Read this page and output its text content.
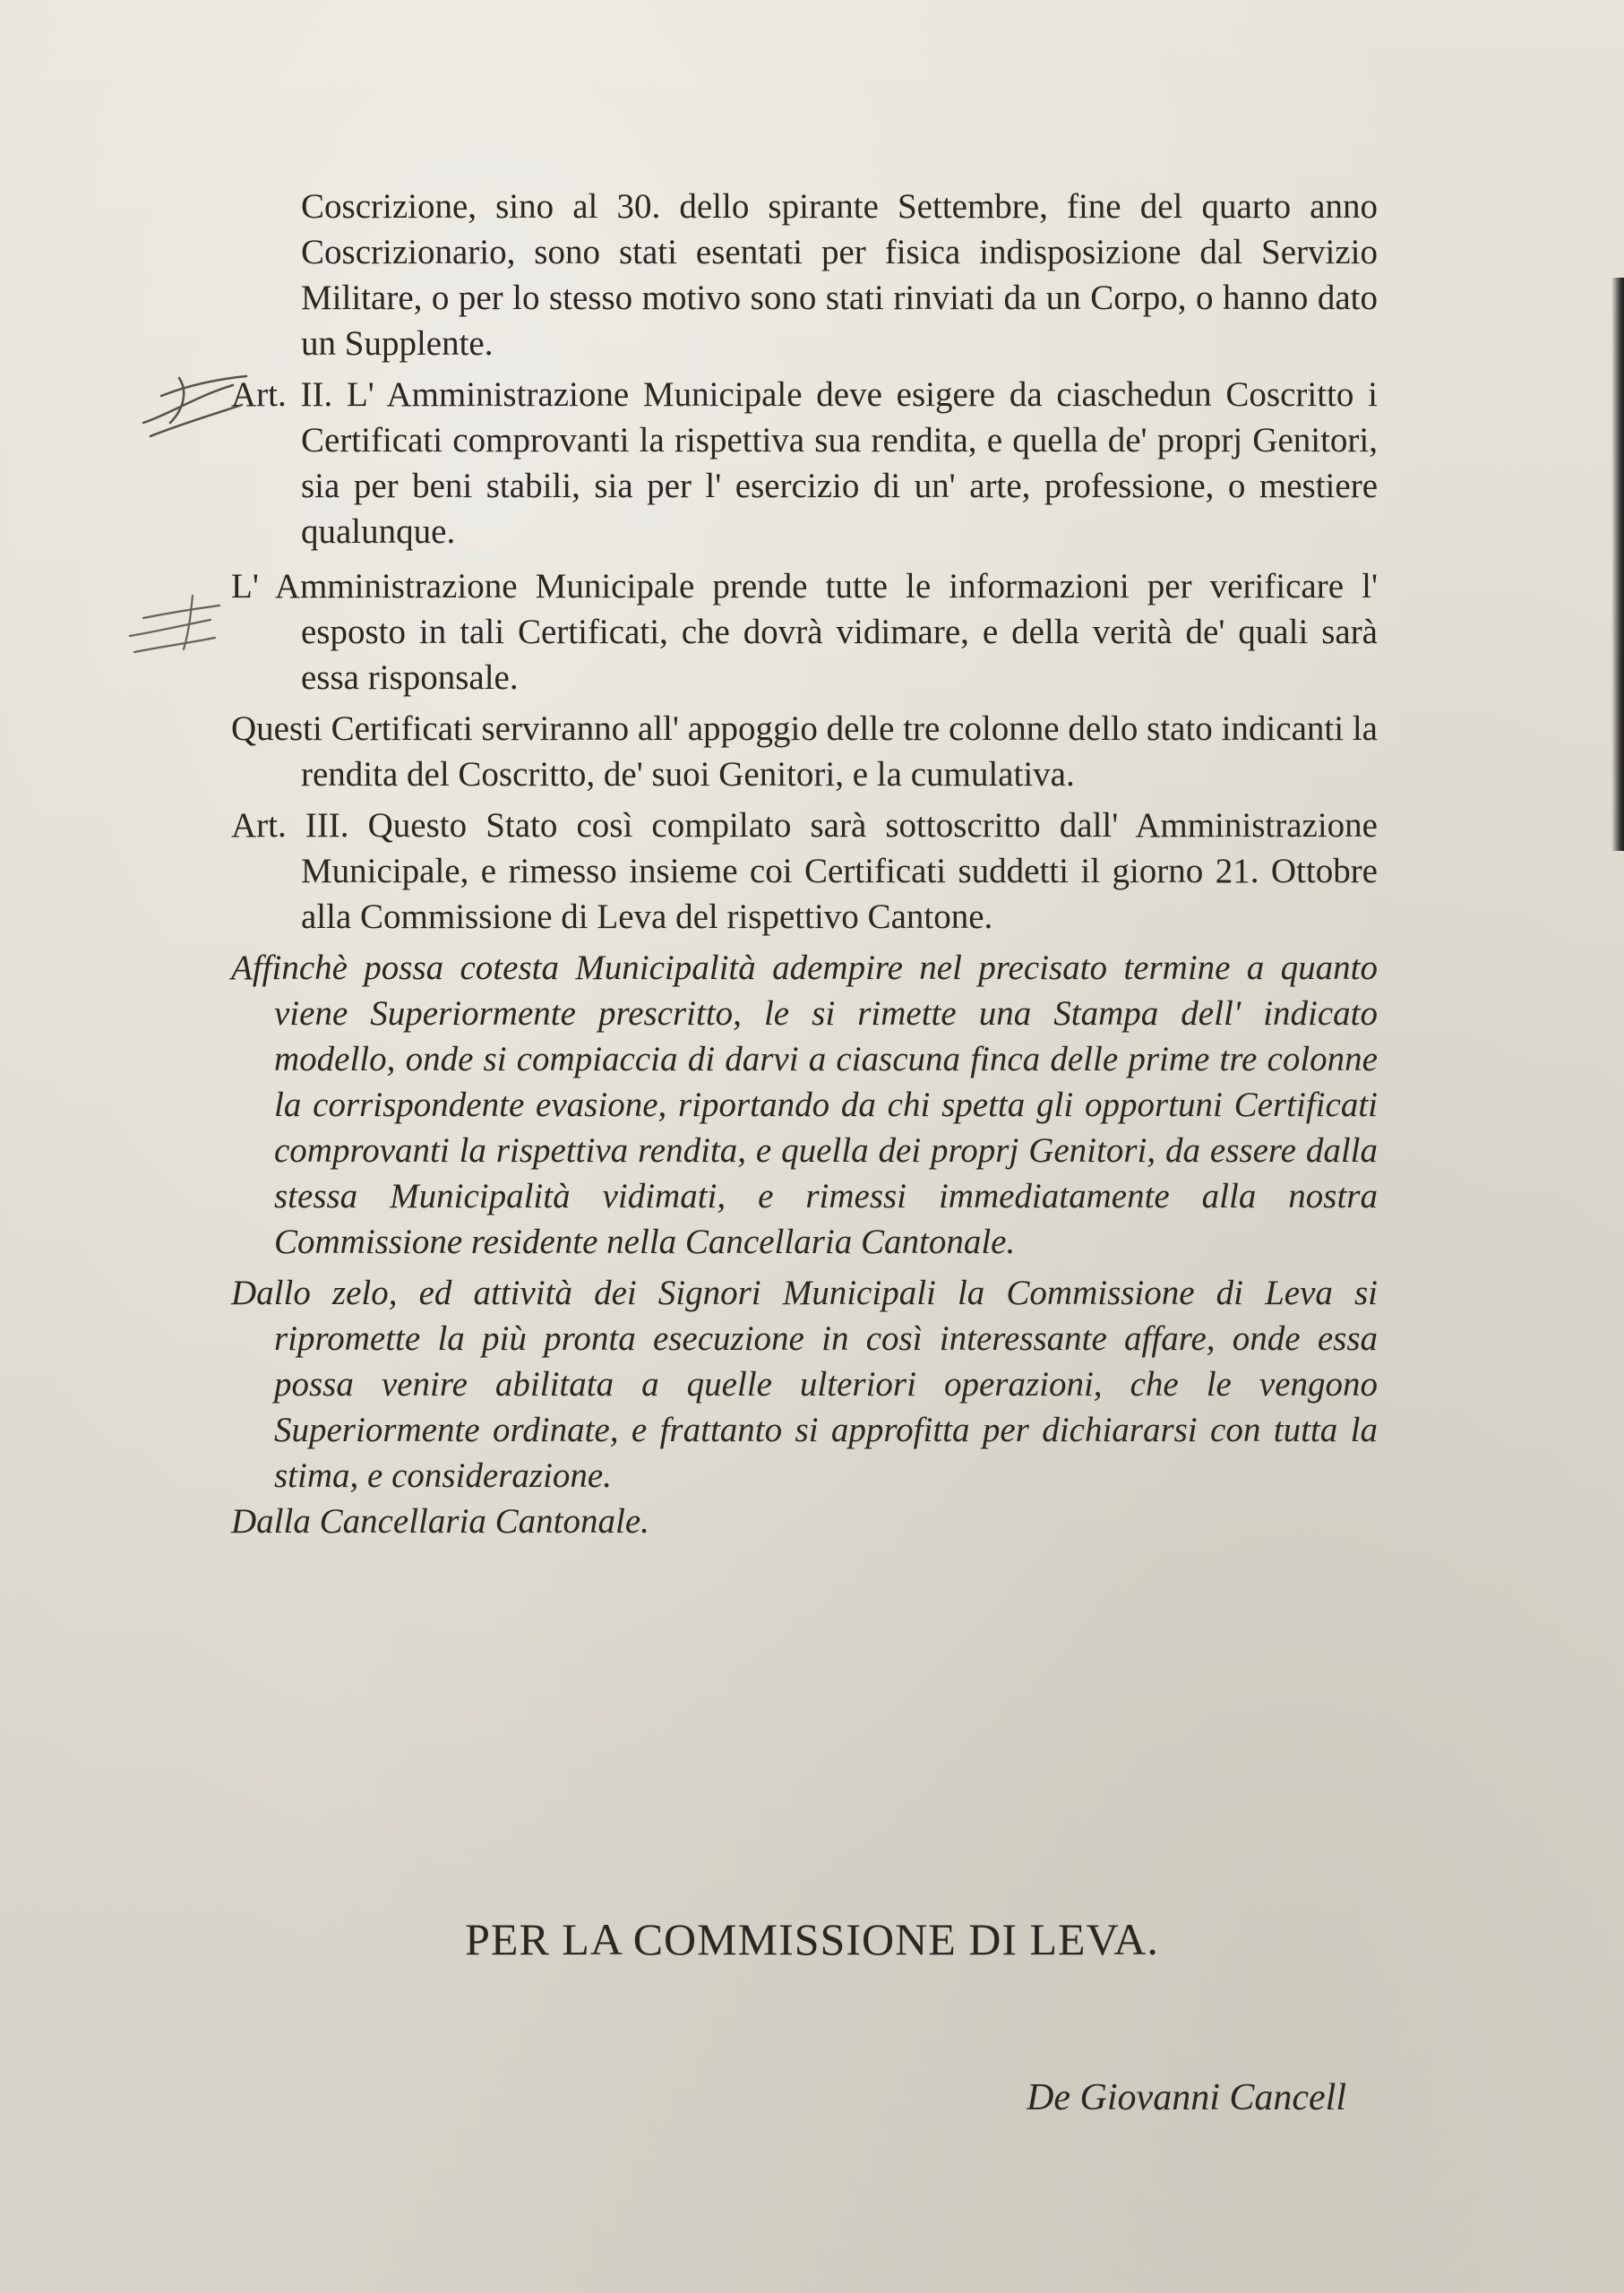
Coscrizione, sino al 30. dello spirante Settembre, fine del quarto anno Coscrizionario, sono stati esentati per fisica indisposizione dal Servizio Militare, o per lo stesso motivo sono stati rinviati da un Corpo, o hanno dato un Supplente.

Art. II. L' Amministrazione Municipale deve esigere da ciaschedun Coscritto i Certificati comprovanti la rispettiva sua rendita, e quella de' proprj Genitori, sia per beni stabili, sia per l' esercizio di un' arte, professione, o mestiere qualunque.

L' Amministrazione Municipale prende tutte le informazioni per verificare l' esposto in tali Certificati, che dovrà vidimare, e della verità de' quali sarà essa risponsale.

Questi Certificati serviranno all' appoggio delle tre colonne dello stato indicanti la rendita del Coscritto, de' suoi Genitori, e la cumulativa.

Art. III. Questo Stato così compilato sarà sottoscritto dall' Amministrazione Municipale, e rimesso insieme coi Certificati suddetti il giorno 21. Ottobre alla Commissione di Leva del rispettivo Cantone.

Affinchè possa cotesta Municipalità adempire nel precisato termine a quanto viene Superiormente prescritto, le si rimette una Stampa dell' indicato modello, onde si compiaccia di darvi a ciascuna finca delle prime tre colonne la corrispondente evasione, riportando da chi spetta gli opportuni Certificati comprovanti la rispettiva rendita, e quella dei proprj Genitori, da essere dalla stessa Municipalità vidimati, e rimessi immediatamente alla nostra Commissione residente nella Cancellaria Cantonale.

Dallo zelo, ed attività dei Signori Municipali la Commissione di Leva si ripromette la più pronta esecuzione in così interessante affare, onde essa possa venire abilitata a quelle ulteriori operazioni, che le vengono Superiormente ordinate, e frattanto si approfitta per dichiararsi con tutta la stima, e considerazione.

Dalla Cancellaria Cantonale.

PER LA COMMISSIONE DI LEVA.
De Giovanni Cancell
